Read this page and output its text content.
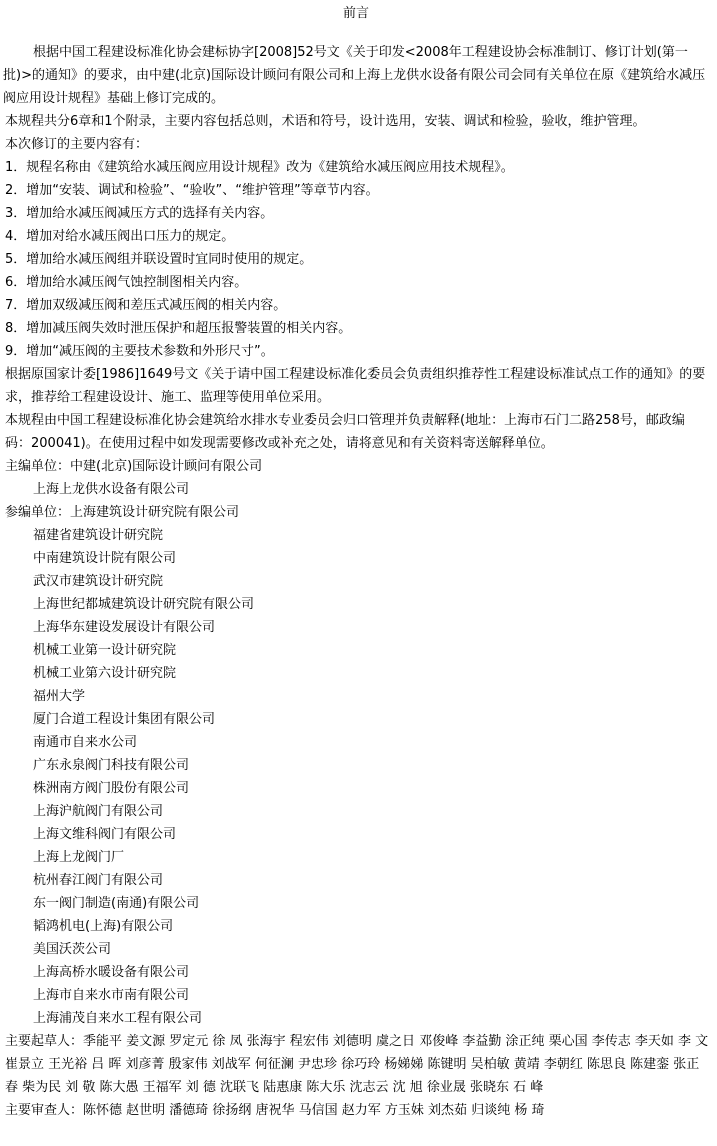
前言

根据中国工程建设标准化协会建标协字[2008]52号文《关于印发<2008年工程建设协会标准制订、修订计划(第一批)>的通知》的要求，由中建(北京)国际设计顾问有限公司和上海上龙供水设备有限公司会同有关单位在原《建筑给水减压阀应用设计规程》基础上修订完成的。

本规程共分6章和1个附录，主要内容包括总则，术语和符号，设计选用，安装、调试和检验，验收，维护管理。

本次修订的主要内容有：

1．规程名称由《建筑给水减压阀应用设计规程》改为《建筑给水减压阀应用技术规程》。

2．增加“安装、调试和检验”、“验收”、“维护管理”等章节内容。

3．增加给水减压阀减压方式的选择有关内容。

4．增加对给水减压阀出口压力的规定。

5．增加给水减压阀组并联设置时宜同时使用的规定。

6．增加给水减压阀气蚀控制图相关内容。

7．增加双级减压阀和差压式减压阀的相关内容。

8．增加减压阀失效时泄压保护和超压报警装置的相关内容。

9．增加“减压阀的主要技术参数和外形尺寸”。

根据原国家计委[1986]1649号文《关于请中国工程建设标准化委员会负责组织推荐性工程建设标准试点工作的通知》的要求，推荐给工程建设设计、施工、监理等使用单位采用。

本规程由中国工程建设标准化协会建筑给水排水专业委员会归口管理并负责解释(地址：上海市石门二路258号，邮政编码：200041)。在使用过程中如发现需要修改或补充之处，请将意见和有关资料寄送解释单位。

主编单位：中建(北京)国际设计顾问有限公司

上海上龙供水设备有限公司

参编单位：上海建筑设计研究院有限公司

福建省建筑设计研究院

中南建筑设计院有限公司

武汉市建筑设计研究院

上海世纪都城建筑设计研究院有限公司

上海华东建设发展设计有限公司

机械工业第一设计研究院

机械工业第六设计研究院

福州大学

厦门合道工程设计集团有限公司

南通市自来水公司

广东永泉阀门科技有限公司

株洲南方阀门股份有限公司

上海沪航阀门有限公司

上海文维科阀门有限公司

上海上龙阀门厂

杭州春江阀门有限公司

东一阀门制造(南通)有限公司

韬鸿机电(上海)有限公司

美国沃茨公司

上海高桥水暖设备有限公司

上海市自来水市南有限公司

上海浦茂自来水工程有限公司

主要起草人：季能平 姜文源 罗定元 徐 凤 张海宇 程宏伟 刘德明 虞之日 邓俊峰 李益勤 涂正纯 栗心国 李传志 李天如 李 文 崔景立 王光裕 吕 晖 刘彦菁 殷家伟 刘战军 何征澜 尹忠珍 徐巧玲 杨娣娣 陈键明 吴柏敏 黄靖 李朝红 陈思良 陈建銮 张正春 柴为民 刘 敬 陈大愚 王福军 刘 德 沈联飞 陆惠康 陈大乐 沈志云 沈 旭 徐业晟 张晓东 石 峰

主要审查人：陈怀德 赵世明 潘德琦 徐扬纲 唐祝华 马信国 赵力军 方玉妹 刘杰茹 归谈纯 杨 琦
